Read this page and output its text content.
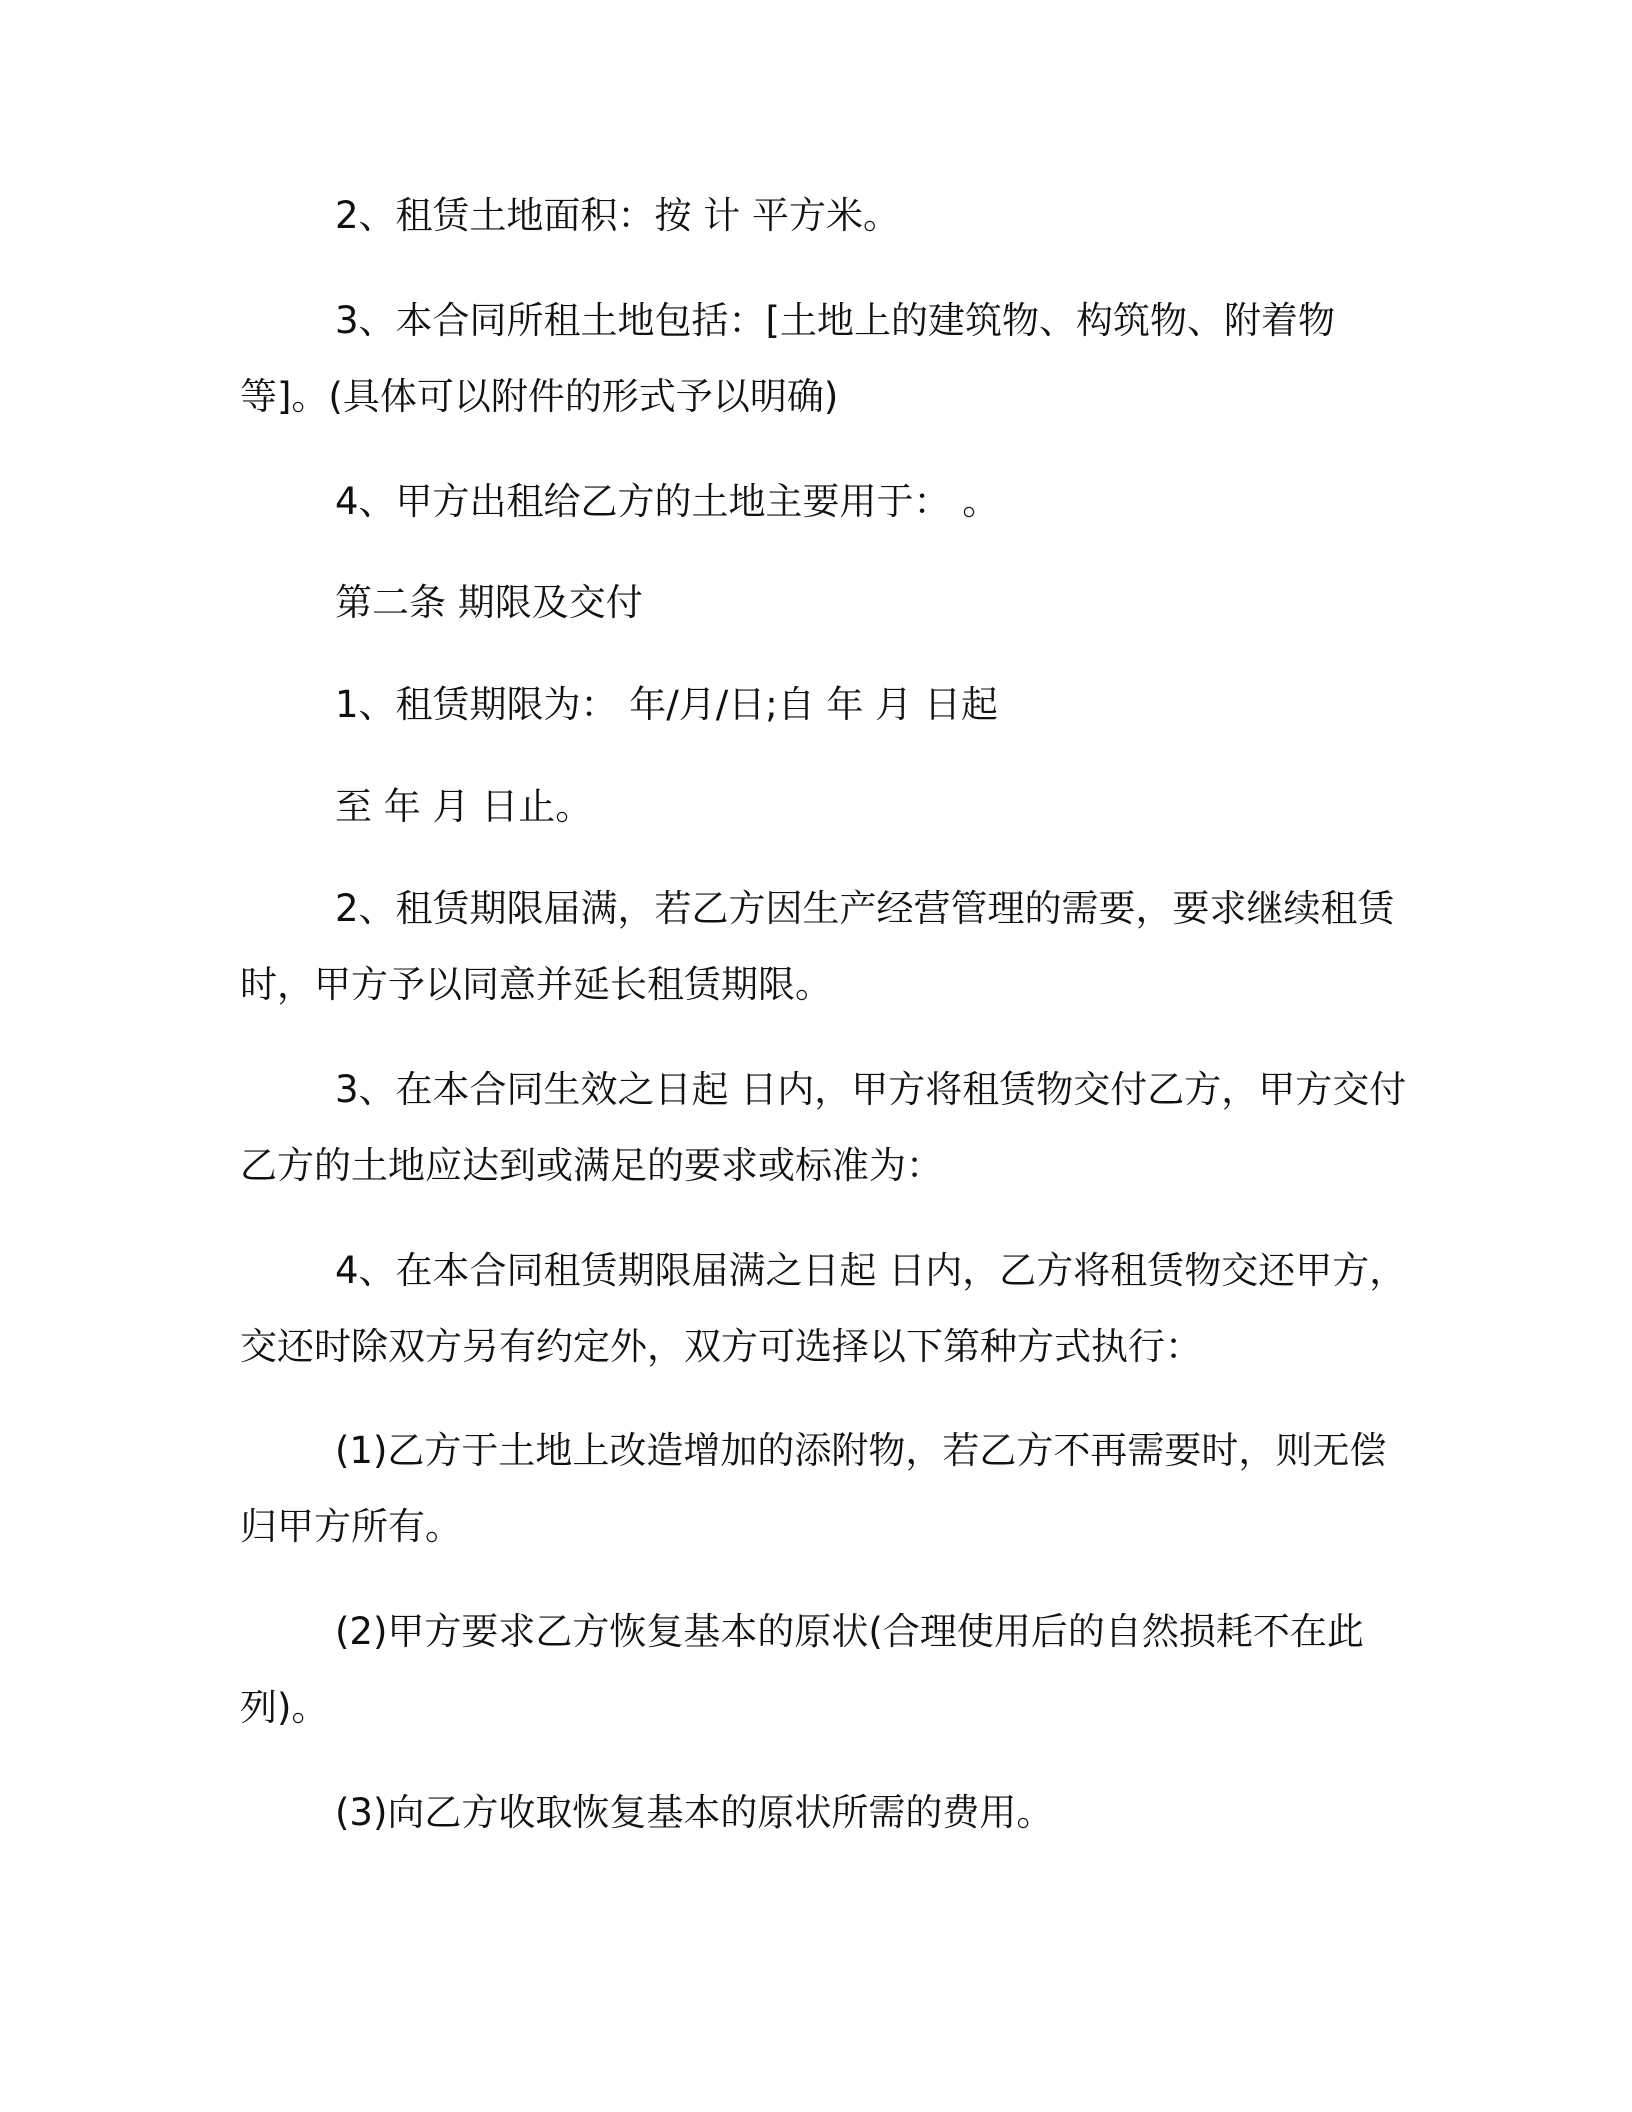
2、租赁土地面积：按 计 平方米。

3、本合同所租土地包括：[土地上的建筑物、构筑物、附着物等]。(具体可以附件的形式予以明确)

4、甲方出租给乙方的土地主要用于： 。

第二条 期限及交付

1、租赁期限为： 年/月/日;自 年 月 日起

至 年 月 日止。

2、租赁期限届满，若乙方因生产经营管理的需要，要求继续租赁时，甲方予以同意并延长租赁期限。

3、在本合同生效之日起 日内，甲方将租赁物交付乙方，甲方交付乙方的土地应达到或满足的要求或标准为：

4、在本合同租赁期限届满之日起 日内，乙方将租赁物交还甲方，交还时除双方另有约定外，双方可选择以下第种方式执行：

(1)乙方于土地上改造增加的添附物，若乙方不再需要时，则无偿归甲方所有。

(2)甲方要求乙方恢复基本的原状(合理使用后的自然损耗不在此列)。

(3)向乙方收取恢复基本的原状所需的费用。
